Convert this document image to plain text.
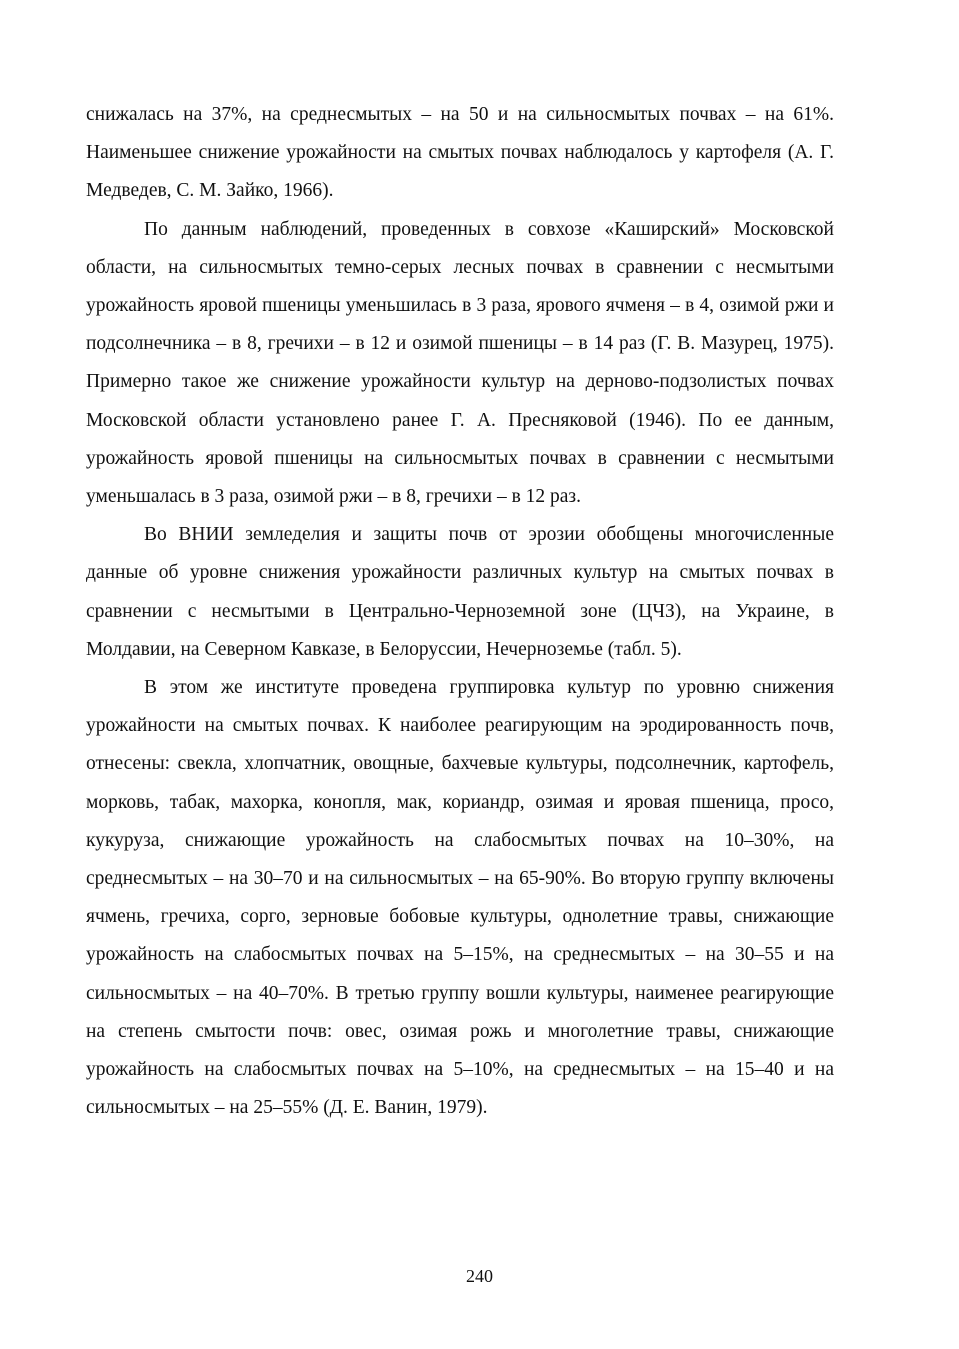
снижалась на 37%, на среднесмытых – на 50 и на сильносмытых почвах – на 61%. Наименьшее снижение урожайности на смытых почвах наблюдалось у картофеля (А. Г. Медведев, С. М. Зайко, 1966).

По данным наблюдений, проведенных в совхозе «Каширский» Московской области, на сильносмытых темно-серых лесных почвах в сравнении с несмытыми урожайность яровой пшеницы уменьшилась в 3 раза, ярового ячменя – в 4, озимой ржи и подсолнечника – в 8, гречихи – в 12 и озимой пшеницы – в 14 раз (Г. В. Мазурец, 1975). Примерно такое же снижение урожайности культур на дерново-подзолистых почвах Московской области установлено ранее Г. А. Пресняковой (1946). По ее данным, урожайность яровой пшеницы на сильносмытых почвах в сравнении с несмытыми уменьшалась в 3 раза, озимой ржи – в 8, гречихи – в 12 раз.

Во ВНИИ земледелия и защиты почв от эрозии обобщены многочисленные данные об уровне снижения урожайности различных культур на смытых почвах в сравнении с несмытыми в Центрально-Черноземной зоне (ЦЧЗ), на Украине, в Молдавии, на Северном Кавказе, в Белоруссии, Нечерноземье (табл. 5).

В этом же институте проведена группировка культур по уровню снижения урожайности на смытых почвах. К наиболее реагирующим на эродированность почв, отнесены: свекла, хлопчатник, овощные, бахчевые культуры, подсолнечник, картофель, морковь, табак, махорка, конопля, мак, кориандр, озимая и яровая пшеница, просо, кукуруза, снижающие урожайность на слабосмытых почвах на 10–30%, на среднесмытых – на 30–70 и на сильносмытых – на 65-90%. Во вторую группу включены ячмень, гречиха, сорго, зерновые бобовые культуры, однолетние травы, снижающие урожайность на слабосмытых почвах на 5–15%, на среднесмытых – на 30–55 и на сильносмытых – на 40–70%. В третью группу вошли культуры, наименее реагирующие на степень смытости почв: овес, озимая рожь и многолетние травы, снижающие урожайность на слабосмытых почвах на 5–10%, на среднесмытых – на 15–40 и на сильносмытых – на 25–55% (Д. Е. Ванин, 1979).

240
